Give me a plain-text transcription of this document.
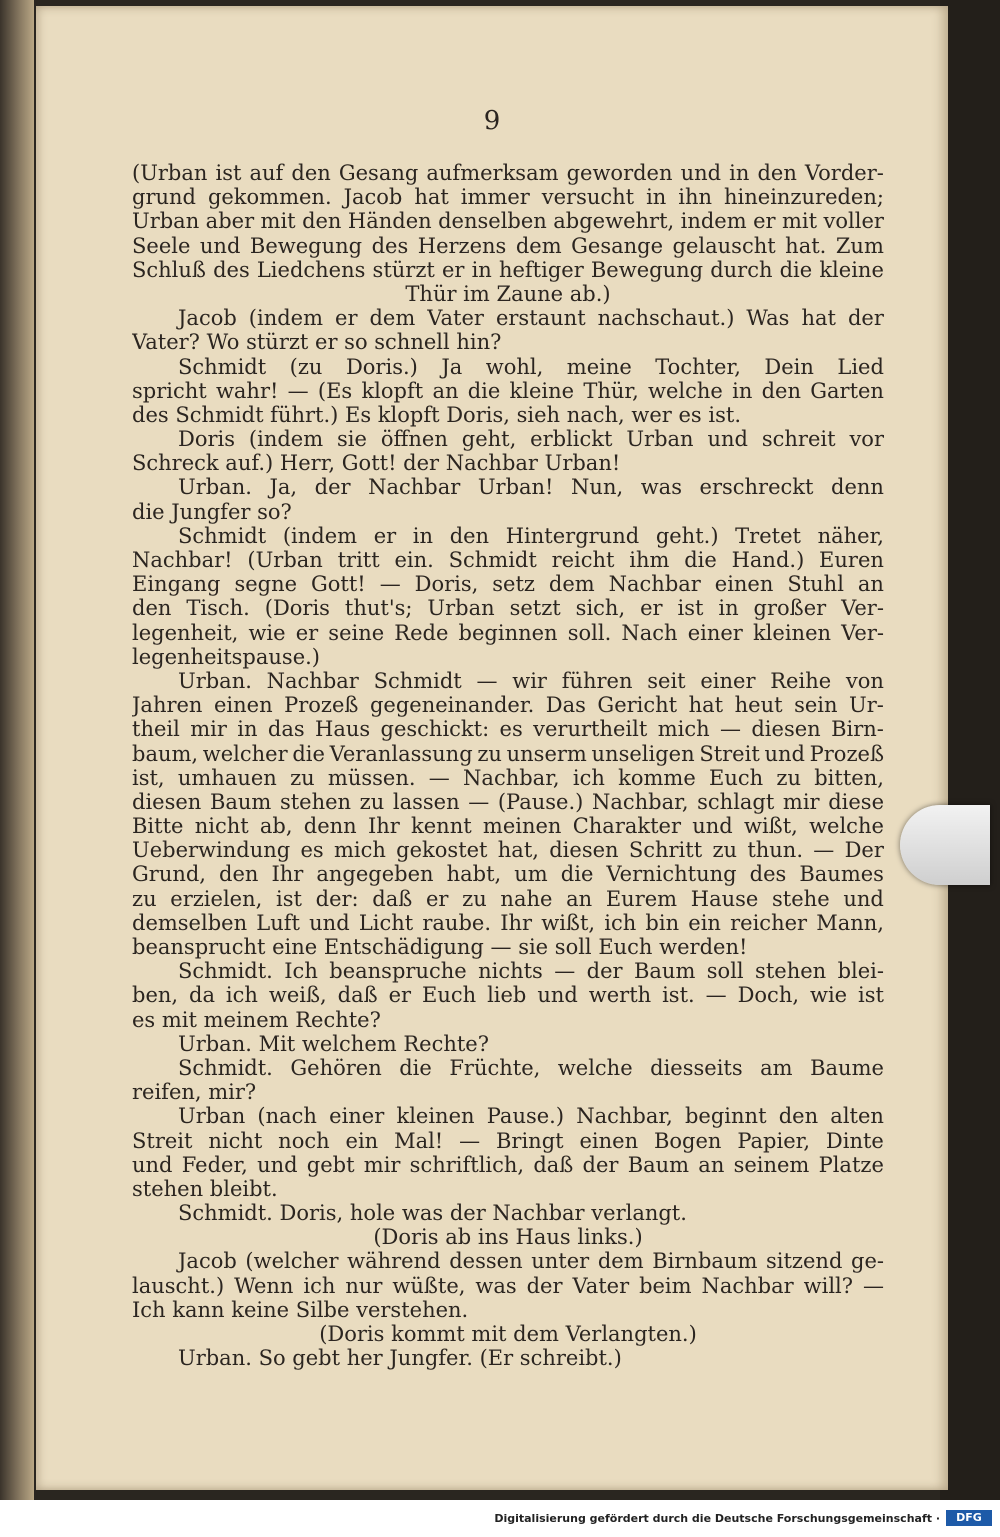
9
(Urban ist auf den Gesang aufmerksam geworden und in den Vorder-
grund gekommen. Jacob hat immer versucht in ihn hineinzureden;
Urban aber mit den Händen denselben abgewehrt, indem er mit voller
Seele und Bewegung des Herzens dem Gesange gelauscht hat. Zum
Schluß des Liedchens stürzt er in heftiger Bewegung durch die kleine
Thür im Zaune ab.)
Jacob (indem er dem Vater erstaunt nachschaut.) Was hat der
Vater? Wo stürzt er so schnell hin?
Schmidt (zu Doris.) Ja wohl, meine Tochter, Dein Lied
spricht wahr! — (Es klopft an die kleine Thür, welche in den Garten
des Schmidt führt.) Es klopft Doris, sieh nach, wer es ist.
Doris (indem sie öffnen geht, erblickt Urban und schreit vor
Schreck auf.) Herr, Gott! der Nachbar Urban!
Urban. Ja, der Nachbar Urban! Nun, was erschreckt denn
die Jungfer so?
Schmidt (indem er in den Hintergrund geht.) Tretet näher,
Nachbar! (Urban tritt ein. Schmidt reicht ihm die Hand.) Euren
Eingang segne Gott! — Doris, setz dem Nachbar einen Stuhl an
den Tisch. (Doris thut's; Urban setzt sich, er ist in großer Ver-
legenheit, wie er seine Rede beginnen soll. Nach einer kleinen Ver-
legenheitspause.)
Urban. Nachbar Schmidt — wir führen seit einer Reihe von
Jahren einen Prozeß gegeneinander. Das Gericht hat heut sein Ur-
theil mir in das Haus geschickt: es verurtheilt mich — diesen Birn-
baum, welcher die Veranlassung zu unserm unseligen Streit und Prozeß
ist, umhauen zu müssen. — Nachbar, ich komme Euch zu bitten,
diesen Baum stehen zu lassen — (Pause.) Nachbar, schlagt mir diese
Bitte nicht ab, denn Ihr kennt meinen Charakter und wißt, welche
Ueberwindung es mich gekostet hat, diesen Schritt zu thun. — Der
Grund, den Ihr angegeben habt, um die Vernichtung des Baumes
zu erzielen, ist der: daß er zu nahe an Eurem Hause stehe und
demselben Luft und Licht raube. Ihr wißt, ich bin ein reicher Mann,
beansprucht eine Entschädigung — sie soll Euch werden!
Schmidt. Ich beanspruche nichts — der Baum soll stehen blei-
ben, da ich weiß, daß er Euch lieb und werth ist. — Doch, wie ist
es mit meinem Rechte?
Urban. Mit welchem Rechte?
Schmidt. Gehören die Früchte, welche diesseits am Baume
reifen, mir?
Urban (nach einer kleinen Pause.) Nachbar, beginnt den alten
Streit nicht noch ein Mal! — Bringt einen Bogen Papier, Dinte
und Feder, und gebt mir schriftlich, daß der Baum an seinem Platze
stehen bleibt.
Schmidt. Doris, hole was der Nachbar verlangt.
(Doris ab ins Haus links.)
Jacob (welcher während dessen unter dem Birnbaum sitzend ge-
lauscht.) Wenn ich nur wüßte, was der Vater beim Nachbar will? —
Ich kann keine Silbe verstehen.
(Doris kommt mit dem Verlangten.)
Urban. So gebt her Jungfer. (Er schreibt.)
Digitalisierung gefördert durch die Deutsche Forschungsgemeinschaft ·	DFG
